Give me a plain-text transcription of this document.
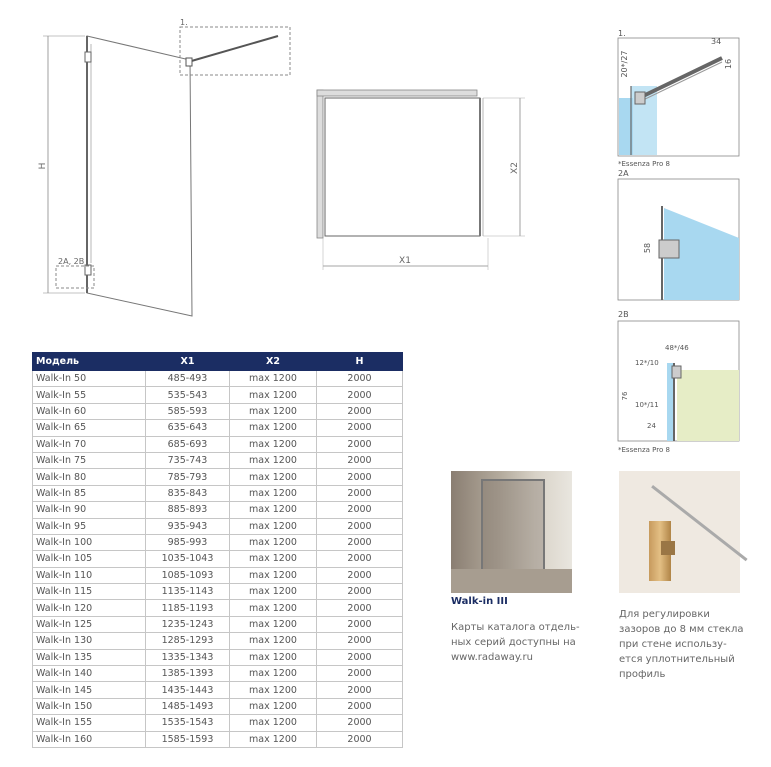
H
1.
2A, 2B
X2
X1
1.
34
20*/27	16
*Essenza Pro 8
2A
58
2B
48*/46
12*/10
76
10*/11
24
*Essenza Pro 8
Модель	X1	X2	H
Walk-In 50	485-493	max 1200	2000
Walk-In 55	535-543	max 1200	2000
Walk-In 60	585-593	max 1200	2000
Walk-In 65	635-643	max 1200	2000
Walk-In 70	685-693	max 1200	2000
Walk-In 75	735-743	max 1200	2000
Walk-In 80	785-793	max 1200	2000
Walk-In 85	835-843	max 1200	2000
Walk-In 90	885-893	max 1200	2000
Walk-In 95	935-943	max 1200	2000
Walk-In 100	985-993	max 1200	2000
Walk-In 105	1035-1043	max 1200	2000
Walk-In 110	1085-1093	max 1200	2000
Walk-In 115	1135-1143	max 1200	2000
Walk-In 120	1185-1193	max 1200	2000
Walk-In 125	1235-1243	max 1200	2000
Walk-In 130	1285-1293	max 1200	2000
Walk-In 135	1335-1343	max 1200	2000
Walk-In 140	1385-1393	max 1200	2000
Walk-In 145	1435-1443	max 1200	2000
Walk-In 150	1485-1493	max 1200	2000
Walk-In 155	1535-1543	max 1200	2000
Walk-In 160	1585-1593	max 1200	2000
Walk-in III
Карты каталога отдель-
ных серий доступны на
www.radaway.ru
Для регулировки
зазоров до 8 мм стекла
при стене использу-
ется уплотнительный
профиль
